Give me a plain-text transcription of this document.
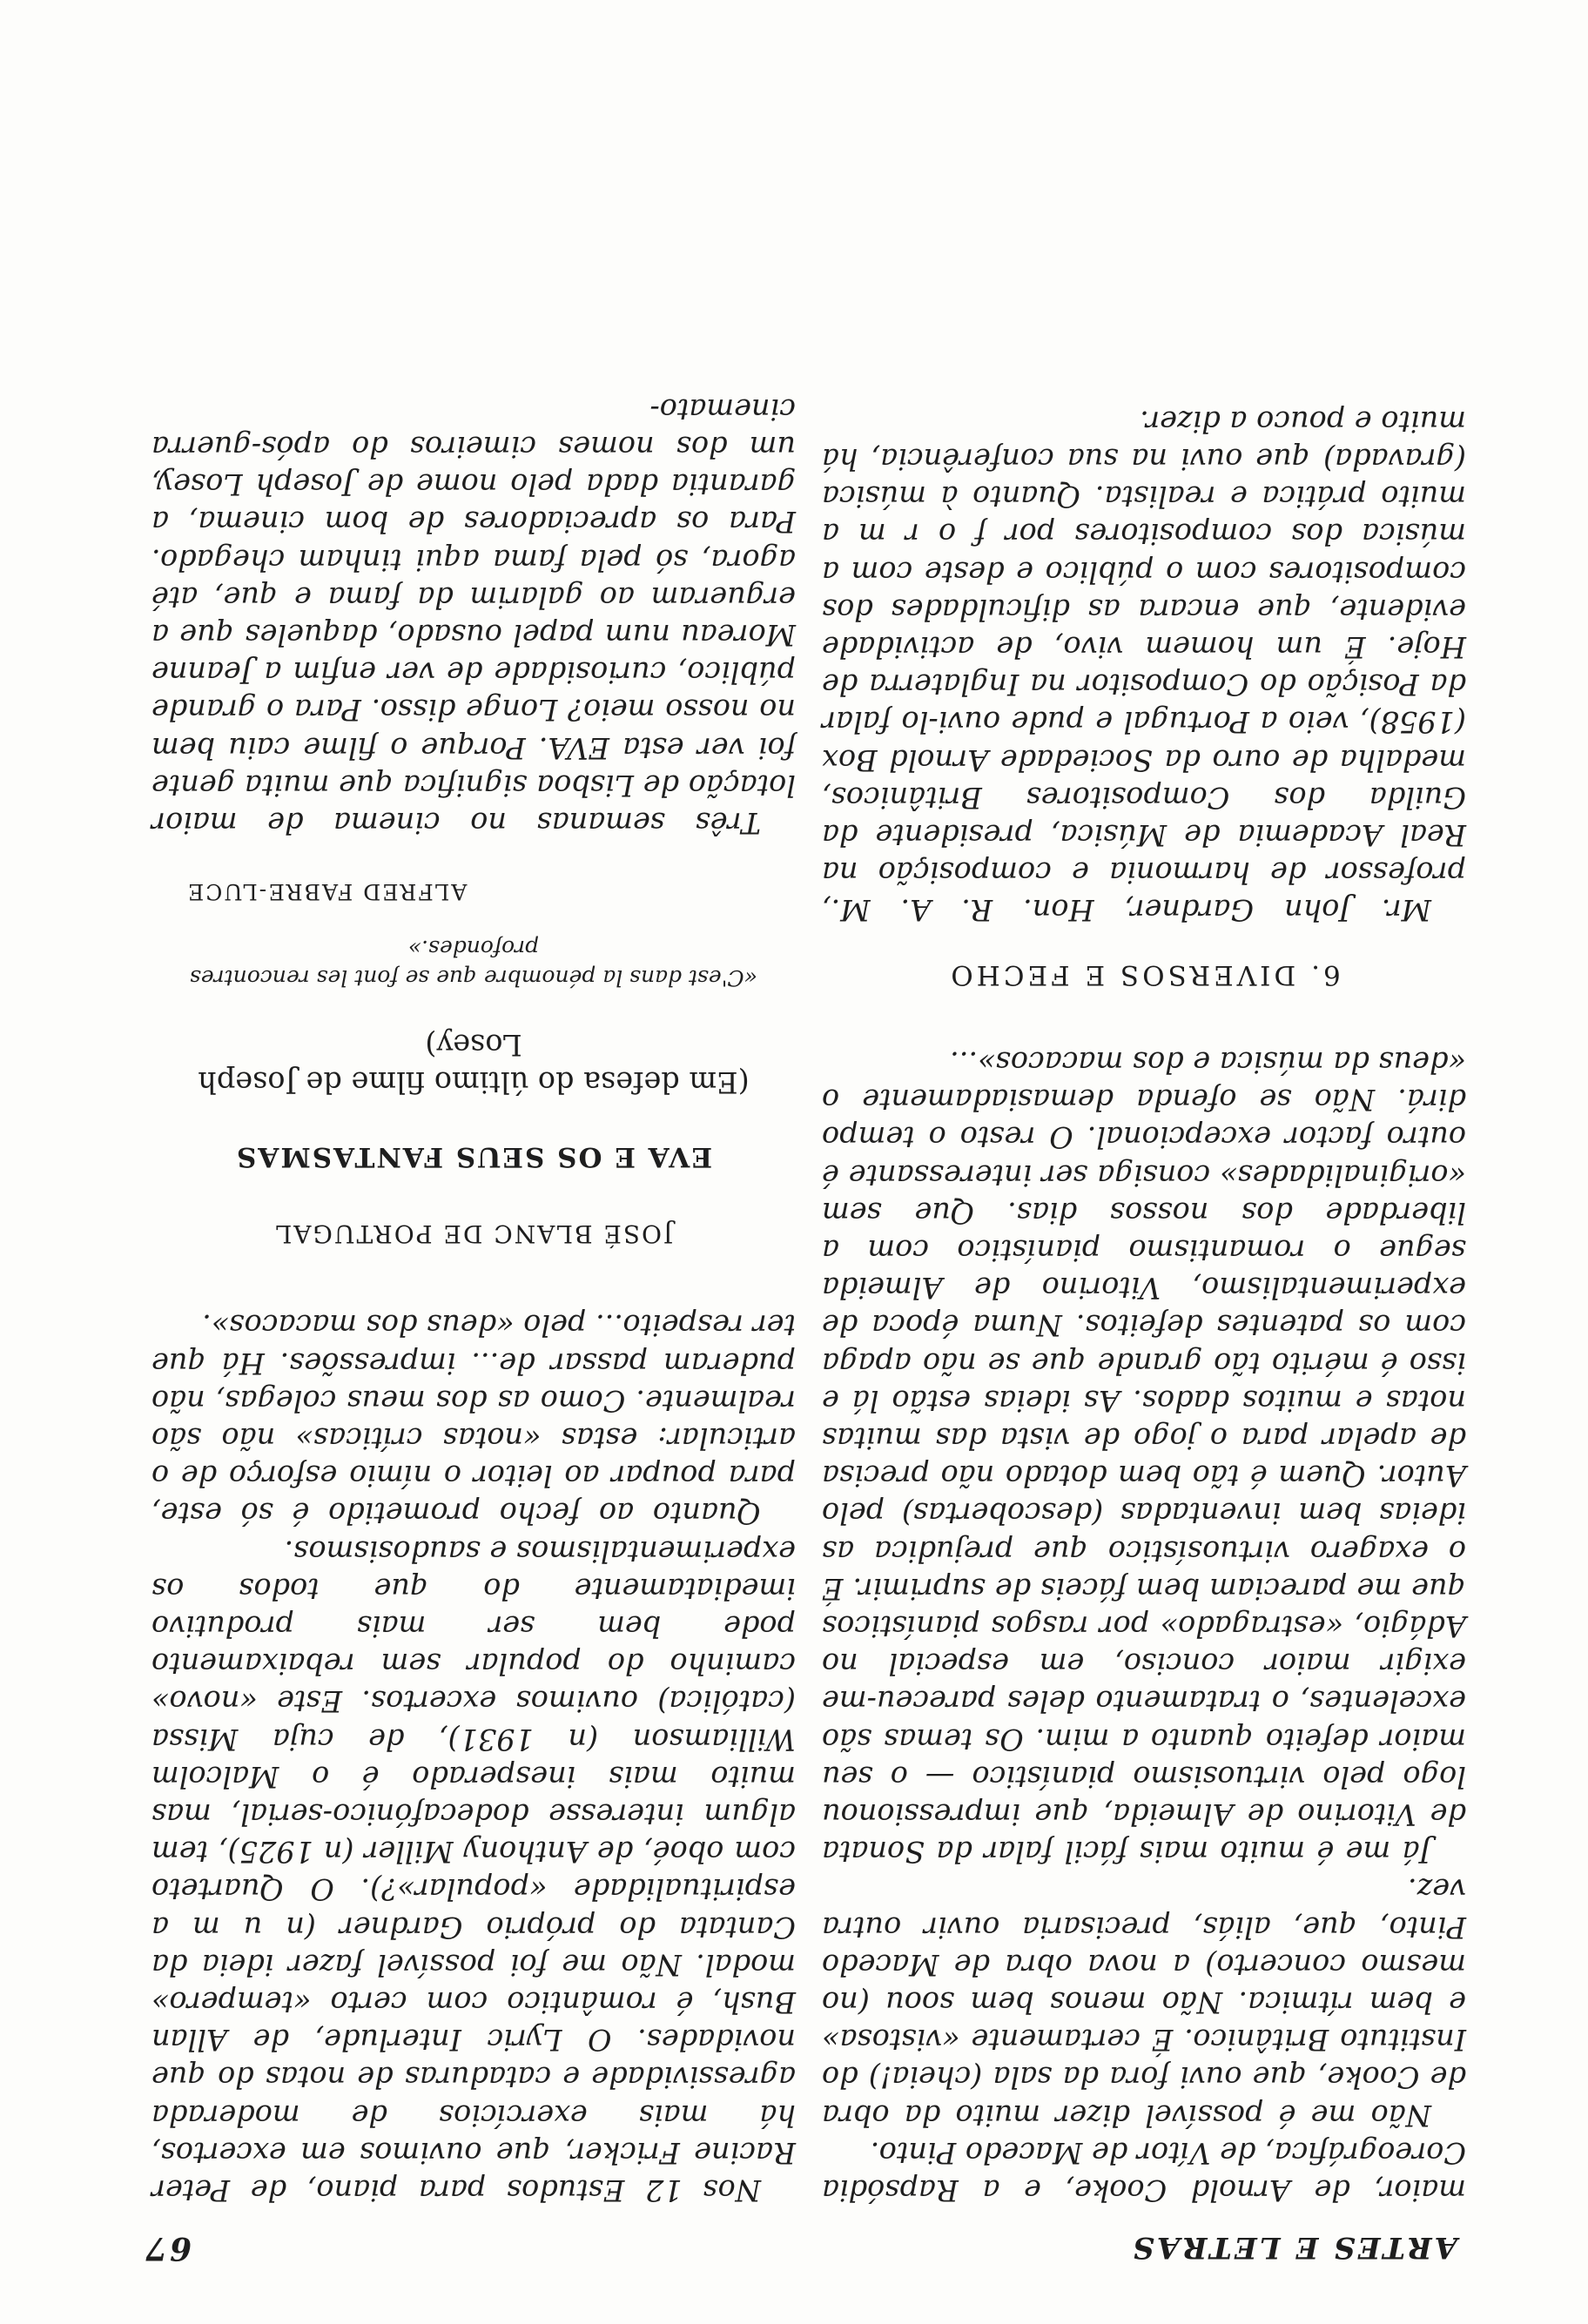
ARTES E LETRAS
67

maior, de Arnold Cooke, e a Rapsódia Coreográfica, de Vítor de Macedo Pinto.

Não me é possível dizer muito da obra de Cooke, que ouvi fora da sala (cheia!) do Instituto Britânico. É certamente «vistosa» e bem rítmica. Não menos bem soou (no mesmo concerto) a nova obra de Macedo Pinto, que, aliás, precisaria ouvir outra vez.

Já me é muito mais fácil falar da Sonata de Vitorino de Almeida, que impressionou logo pelo virtuosismo pianístico — o seu maior defeito quanto a mim. Os temas são excelentes, o tratamento deles pareceu-me exigir maior conciso, em especial no Adágio, «estragado» por rasgos pianísticos que me pareciam bem fáceis de suprimir. É o exagero virtuosístico que prejudica as ideias bem inventadas (descobertas) pelo Autor. Quem é tão bem dotado não precisa de apelar para o jogo de vista das muitas notas e muitos dados. As ideias estão lá e isso é mérito tão grande que se não apaga com os patentes defeitos. Numa época de experimentalismo, Vitorino de Almeida segue o romantismo pianístico com a liberdade dos nossos dias. Que sem «originalidades» consiga ser interessante é outro factor excepcional. O resto o tempo dirá. Não se ofenda demasiadamente o «deus da música e dos macacos»...

6. DIVERSOS E FECHO

Mr. John Gardner, Hon. R. A. M., professor de harmonia e composição na Real Academia de Música, presidente da Guilda dos Compositores Britânicos, medalha de ouro da Sociedade Arnold Box (1958), veio a Portugal e pude ouvi-lo falar da Posição do Compositor na Inglaterra de Hoje. É um homem vivo, de actividade evidente, que encara as dificuldades dos compositores com o público e deste com a música dos compositores por f o r m a muito prática e realista. Quanto à música (gravada) que ouvi na sua conferência, há muito e pouco a dizer.

Nos 12 Estudos para piano, de Peter Racine Fricker, que ouvimos em excertos, há mais exercícios de moderada agressividade e cataduras de notas do que novidades. O Lyric Interlude, de Allan Bush, é romântico com certo «tempero» modal. Não me foi possível fazer ideia da Cantata do próprio Gardner (n u m a espiritualidade «popular»?). O Quarteto com oboé, de Anthony Miller (n 1925), tem algum interesse dodecafónico-serial, mas muito mais inesperado é o Malcolm Williamson (n 1931), de cuja Missa (católica) ouvimos excertos. Este «novo» caminho do popular sem rebaixamento pode bem ser mais produtivo imediatamente do que todos os experimentalismos e saudosismos.

Quanto ao fecho prometido é só este, para poupar ao leitor o nímio esforço de o articular: estas «notas críticas» não são realmente. Como as dos meus colegas, não puderam passar de... impressões. Há que ter respeito... pelo «deus dos macacos».

JOSÉ BLANC DE PORTUGAL
EVA E OS SEUS FANTASMAS
(Em defesa do último filme de Joseph Losey)
«C'est dans la pénombre que se font les rencontres profondes.»
ALFRED FABRE-LUCE

Três semanas no cinema de maior lotação de Lisboa significa que muita gente foi ver esta EVA. Porque o filme caiu bem no nosso meio? Longe disso. Para o grande público, curiosidade de ver enfim a Jeanne Moreau num papel ousado, daqueles que a ergueram ao galarim da fama e que, até agora, só pela fama aqui tinham chegado. Para os apreciadores de bom cinema, a garantia dada pelo nome de Joseph Losey, um dos nomes cimeiros do após-guerra cinemato-
